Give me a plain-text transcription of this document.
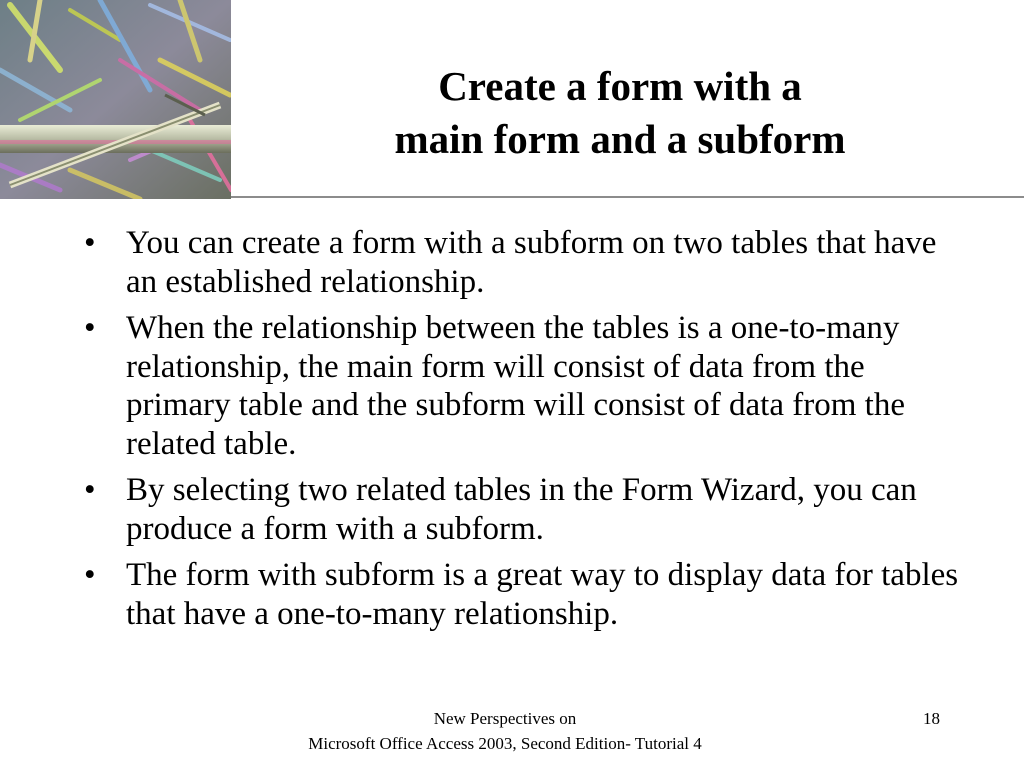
Create a form with a
main form and a subform
• You can create a form with a subform on two tables that have an established relationship.
• When the relationship between the tables is a one-to-many relationship, the main form will consist of data from the primary table and the subform will consist of data from the related table.
• By selecting two related tables in the Form Wizard, you can produce a form with a subform.
• The form with subform is a great way to display data for tables that have a one-to-many relationship.
New Perspectives on
Microsoft Office Access 2003, Second Edition- Tutorial 4
18
